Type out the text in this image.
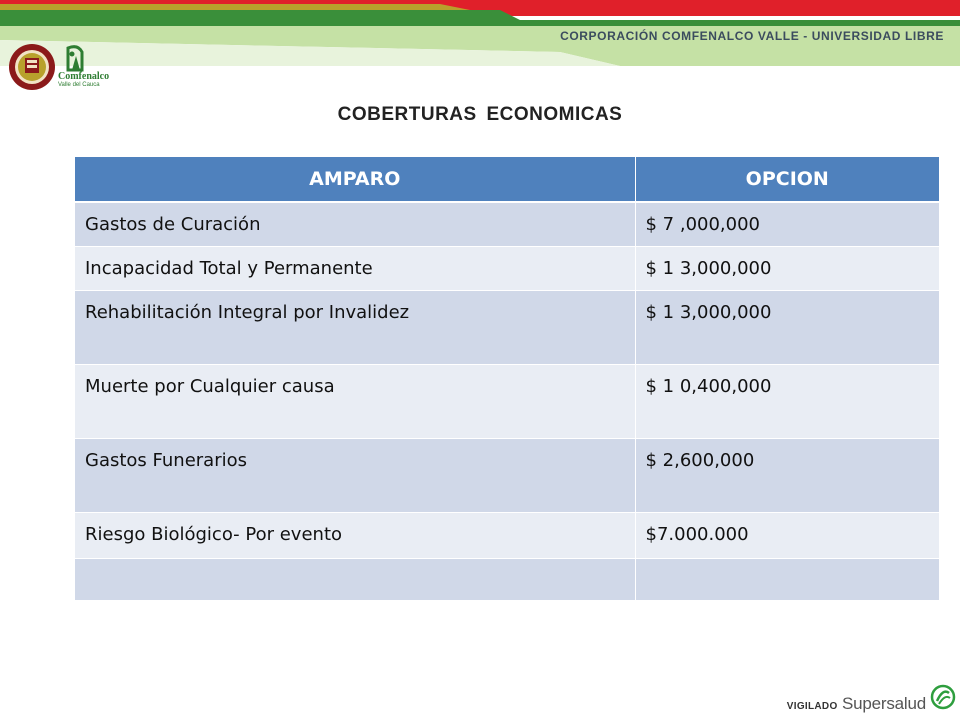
CORPORACIÓN COMFENALCO VALLE - UNIVERSIDAD LIBRE
Comfenalco
Valle del Cauca
COBERTURAS ECONOMICAS
AMPARO	OPCION
Gastos de Curación	$ 7 ,000,000
Incapacidad Total y Permanente	$ 1 3,000,000
Rehabilitación Integral por Invalidez	$ 1 3,000,000
Muerte por Cualquier causa	$ 1 0,400,000
Gastos Funerarios	$ 2,600,000
Riesgo Biológico- Por evento	$7.000.000

VIGILADO Supersalud
